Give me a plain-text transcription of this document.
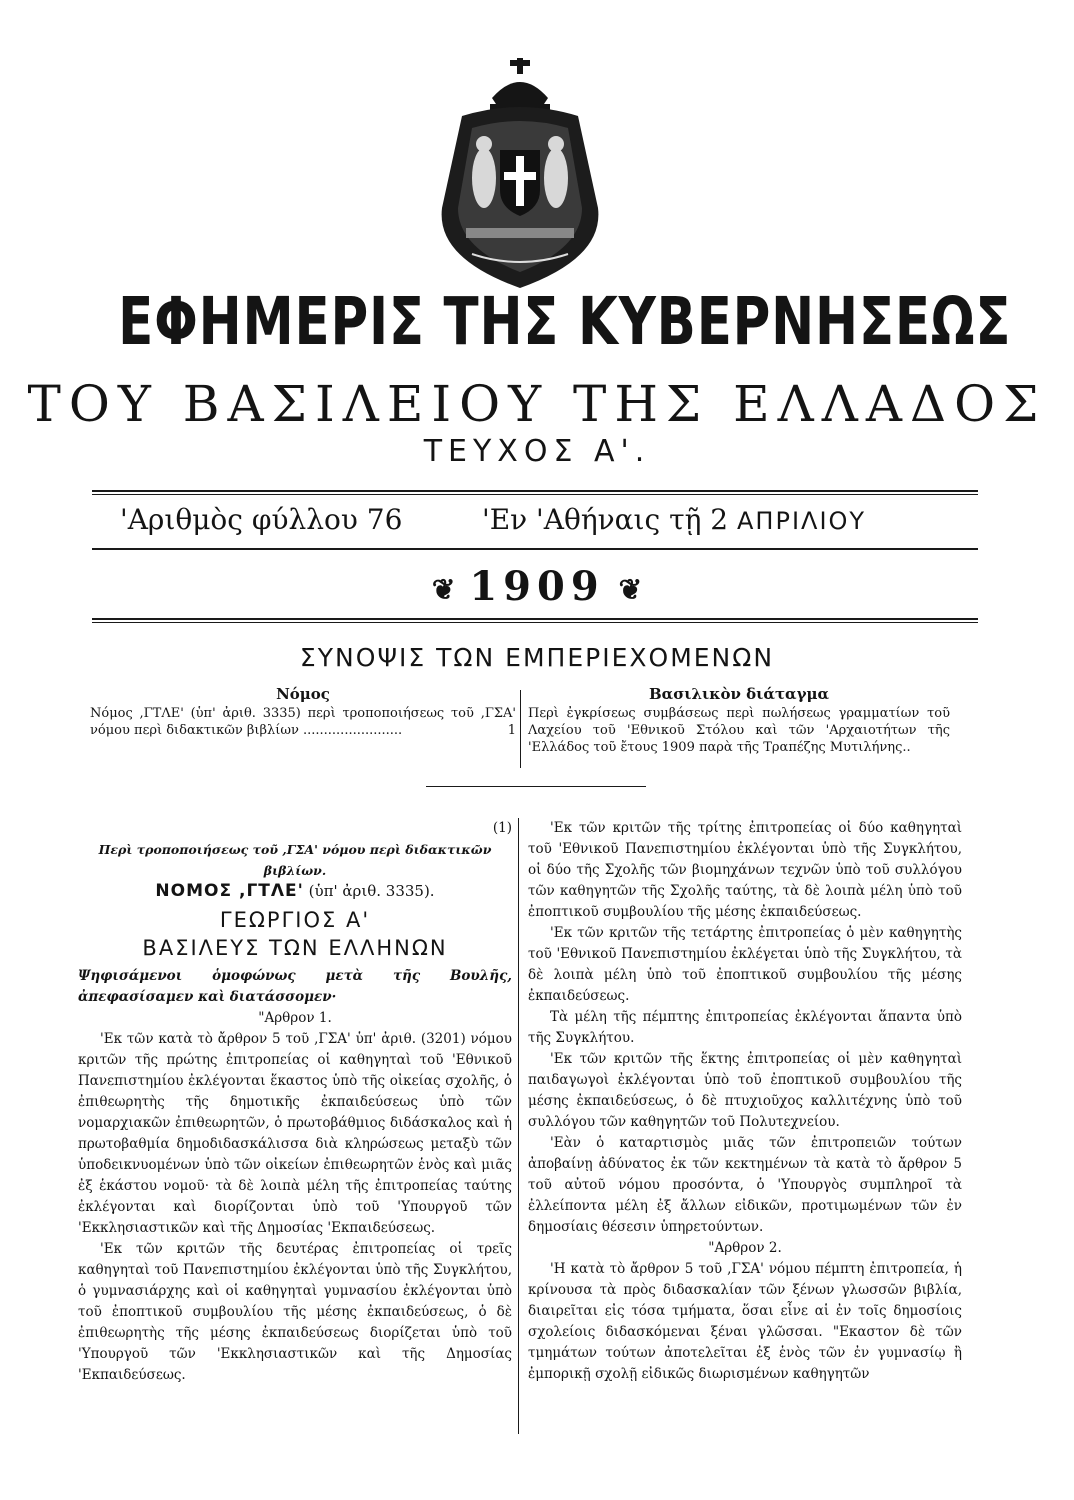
ΕΦΗΜΕΡΙΣ ΤΗΣ ΚΥΒΕΡΝΗΣΕΩΣ
ΤΟΥ ΒΑΣΙΛΕΙΟΥ ΤΗΣ ΕΛΛΑΔΟΣ
ΤΕΥΧΟΣ Α'.
'Αριθμὸς φύλλου 76	'Εν 'Αθήναις τῇ 2 ΑΠΡΙΛΙΟΥ
❦ 1909 ❦
ΣΥΝΟΨΙΣ ΤΩΝ ΕΜΠΕΡΙΕΧΟΜΕΝΩΝ
Νόμος
Νόμος ,ΓΤΛΕ' (ὑπ' ἀριθ. 3335) περὶ τροποποιήσεως τοῦ ,ΓΣΑ' νόμου περὶ διδακτικῶν βιβλίων ........................	1
Βασιλικὸν διάταγμα
Περὶ ἐγκρίσεως συμβάσεως περὶ πωλήσεως γραμματίων τοῦ Λαχείου τοῦ 'Εθνικοῦ Στόλου καὶ τῶν 'Αρχαιοτήτων τῆς 'Ελλάδος τοῦ ἔτους 1909 παρὰ τῆς Τραπέζης Μυτιλήνης..

(1)

Περὶ τροποποιήσεως τοῦ ,ΓΣΑ' νόμου περὶ διδακτικῶν βιβλίων.

ΝΟΜΟΣ ,ΓΤΛΕ' (ὑπ' ἀριθ. 3335).

ΓΕΩΡΓΙΟΣ Α'

ΒΑΣΙΛΕΥΣ ΤΩΝ ΕΛΛΗΝΩΝ

Ψηφισάμενοι ὁμοφώνως μετὰ τῆς Βουλῆς, ἀπεφασίσαμεν καὶ διατάσσομεν·

"Αρθρον 1.

'Εκ τῶν κατὰ τὸ ἄρθρον 5 τοῦ ,ΓΣΑ' ὑπ' ἀριθ. (3201) νόμου κριτῶν τῆς πρώτης ἐπιτροπείας οἱ καθηγηταὶ τοῦ 'Εθνικοῦ Πανεπιστημίου ἐκλέγονται ἕκαστος ὑπὸ τῆς οἰκείας σχολῆς, ὁ ἐπιθεωρητὴς τῆς δημοτικῆς ἐκπαιδεύσεως ὑπὸ τῶν νομαρχιακῶν ἐπιθεωρητῶν, ὁ πρωτοβάθμιος διδάσκαλος καὶ ἡ πρωτοβαθμία δημοδιδασκάλισσα διὰ κληρώσεως μεταξὺ τῶν ὑποδεικνυομένων ὑπὸ τῶν οἰκείων ἐπιθεωρητῶν ἑνὸς καὶ μιᾶς ἐξ ἑκάστου νομοῦ· τὰ δὲ λοιπὰ μέλη τῆς ἐπιτροπείας ταύτης ἐκλέγονται καὶ διορίζονται ὑπὸ τοῦ 'Υπουργοῦ τῶν 'Εκκλησιαστικῶν καὶ τῆς Δημοσίας 'Εκπαιδεύσεως.

'Εκ τῶν κριτῶν τῆς δευτέρας ἐπιτροπείας οἱ τρεῖς καθηγηταὶ τοῦ Πανεπιστημίου ἐκλέγονται ὑπὸ τῆς Συγκλήτου, ὁ γυμνασιάρχης καὶ οἱ καθηγηταὶ γυμνασίου ἐκλέγονται ὑπὸ τοῦ ἐποπτικοῦ συμβουλίου τῆς μέσης ἐκπαιδεύσεως, ὁ δὲ ἐπιθεωρητὴς τῆς μέσης ἐκπαιδεύσεως διορίζεται ὑπὸ τοῦ 'Υπουργοῦ τῶν 'Εκκλησιαστικῶν καὶ τῆς Δημοσίας 'Εκπαιδεύσεως.

'Εκ τῶν κριτῶν τῆς τρίτης ἐπιτροπείας οἱ δύο καθηγηταὶ τοῦ 'Εθνικοῦ Πανεπιστημίου ἐκλέγονται ὑπὸ τῆς Συγκλήτου, οἱ δύο τῆς Σχολῆς τῶν βιομηχάνων τεχνῶν ὑπὸ τοῦ συλλόγου τῶν καθηγητῶν τῆς Σχολῆς ταύτης, τὰ δὲ λοιπὰ μέλη ὑπὸ τοῦ ἐποπτικοῦ συμβουλίου τῆς μέσης ἐκπαιδεύσεως.

'Εκ τῶν κριτῶν τῆς τετάρτης ἐπιτροπείας ὁ μὲν καθηγητὴς τοῦ 'Εθνικοῦ Πανεπιστημίου ἐκλέγεται ὑπὸ τῆς Συγκλήτου, τὰ δὲ λοιπὰ μέλη ὑπὸ τοῦ ἐποπτικοῦ συμβουλίου τῆς μέσης ἐκπαιδεύσεως.

Τὰ μέλη τῆς πέμπτης ἐπιτροπείας ἐκλέγονται ἅπαντα ὑπὸ τῆς Συγκλήτου.

'Εκ τῶν κριτῶν τῆς ἕκτης ἐπιτροπείας οἱ μὲν καθηγηταὶ παιδαγωγοὶ ἐκλέγονται ὑπὸ τοῦ ἐποπτικοῦ συμβουλίου τῆς μέσης ἐκπαιδεύσεως, ὁ δὲ πτυχιοῦχος καλλιτέχνης ὑπὸ τοῦ συλλόγου τῶν καθηγητῶν τοῦ Πολυτεχνείου.

'Εὰν ὁ καταρτισμὸς μιᾶς τῶν ἐπιτροπειῶν τούτων ἀποβαίνῃ ἀδύνατος ἐκ τῶν κεκτημένων τὰ κατὰ τὸ ἄρθρον 5 τοῦ αὐτοῦ νόμου προσόντα, ὁ 'Υπουργὸς συμπληροῖ τὰ ἐλλείποντα μέλη ἐξ ἄλλων εἰδικῶν, προτιμωμένων τῶν ἐν δημοσίαις θέσεσιν ὑπηρετούντων.

"Αρθρον 2.

'Η κατὰ τὸ ἄρθρον 5 τοῦ ,ΓΣΑ' νόμου πέμπτη ἐπιτροπεία, ἡ κρίνουσα τὰ πρὸς διδασκαλίαν τῶν ξένων γλωσσῶν βιβλία, διαιρεῖται εἰς τόσα τμήματα, ὅσαι εἶνε αἱ ἐν τοῖς δημοσίοις σχολείοις διδασκόμεναι ξέναι γλῶσσαι. "Εκαστον δὲ τῶν τμημάτων τούτων ἀποτελεῖται ἐξ ἑνὸς τῶν ἐν γυμνασίῳ ἢ ἐμπορικῇ σχολῇ εἰδικῶς διωρισμένων καθηγητῶν
